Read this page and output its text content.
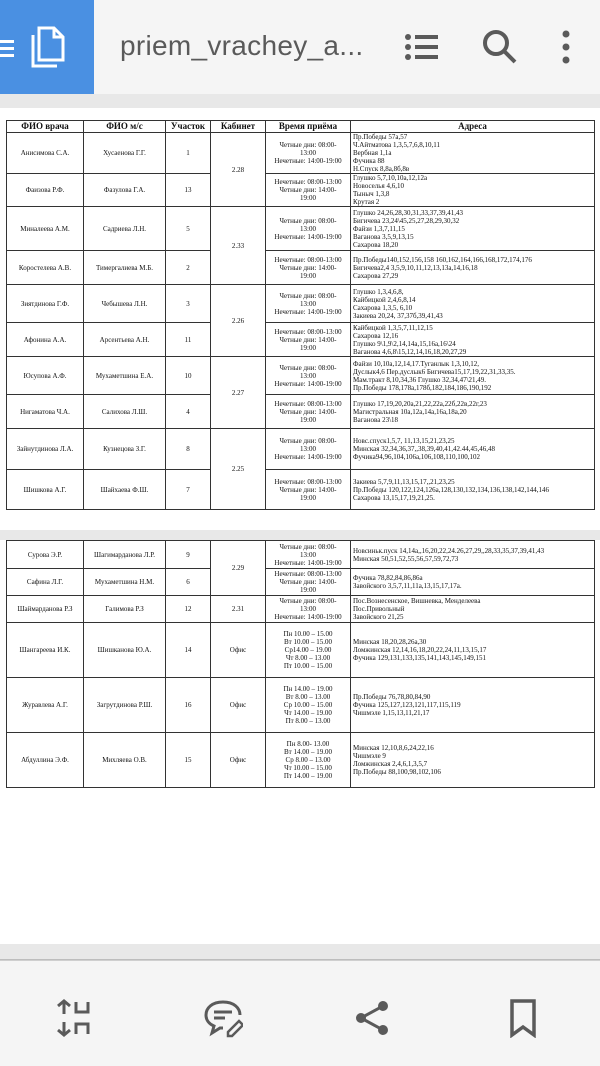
priem_vrachey_a...
ФИО врача	ФИО м/с	Участок	Кабинет	Время приёма	Адреса
Анисимова С.А.	Хусаенова Г.Г.	1	2.28	Четные дни: 08:00-
13:00
Нечетные: 14:00-19:00	Пр.Победы 57а,57
Ч.Айтматова 1,3,5,7,6,8,10,11
Вербная 1,1а
Фучика 88
Н.Спуск 8,8а,8б,8в

Фаизова Р.Ф.	Фазулова Г.А.	13		Нечетные: 08:00-13:00
Четные дни: 14:00-
19:00	Глушко 5,7,10,10а,12,12а
Новоселья 4,6,10
Тыныч 1,3,8
Крутая 2

Миналеева А.М.	Садриева Л.Н.	5	2.33	Четные дни: 08:00-
13:00
Нечетные: 14:00-19:00	Глушко 24,26,28,30,31,33,37,39,41,43
Бигичева 23,24\45,25,27,28,29,30,32
Файзи 1,3,7,11,15
Ваганова 3,5,9,13,15
Сахарова 18,20

Коростелева А.В.	Тимергалиева М.Б.	2		Нечетные: 08:00-13:00
Четные дни: 14:00-
19:00	Пр.Победы140,152,156,158 160,162,164,166,168,172,174,176
Бигичева2,4 3,5,9,10,11,12,13,13а,14,16,18
Сахарова 27,29

Зиятдинова Г.Ф.	Чебышева Л.Н.	3	2.26	Четные дни: 08:00-
13:00
Нечетные: 14:00-19:00	Глушко 1,3,4,6,8,
Кайбицкой 2,4,6,8,14
Сахарова 1,3,5, 6,10
Закиева 20,24, 37,37б,39,41,43

Афонина А.А.	Арсентьева А.Н.	11		Нечетные: 08:00-13:00
Четные дни: 14:00-
19:00	Кайбицкой 1,3,5,7,11,12,15
Сахарова 12,16
Глушко 9\1,9\2,14,14а,15,16а,16\24
Ваганова 4,6,8\15,12,14,16,18,20,27,29

Юсупова А.Ф.	Мухаметшина Е.А.	10	2.27	Четные дни: 08:00-
13:00
Нечетные: 14:00-19:00	Файзи 10,10а,12,14,17.Туганлык 1,3,10,12,
Дуслык4,6 Пер.дуслык6 Бигичева15,17,19,22,31,33,35.
Мам.тракт 8,10,34,36 Глушко 32,34,47\21,49.
Пр.Победы 178,178а,178б,182,184,186,190,192

Нигаматова Ч.А.	Салихова Л.Ш.	4		Нечетные: 08:00-13:00
Четные дни: 14:00-
19:00	Глушко 17,19,20,20а,21,22,22а,22б,22в,22г,23
Магистральная 10а,12а,14а,16а,18а,20
Ваганова 23\18

Зайнутдинова Л.А.	Кузнецова З.Г.	8	2.25	Четные дни: 08:00-
13:00
Нечетные: 14:00-19:00	Новс.спуск1,5,7, 11,13,15,21,23,25
Минская 32,34,36,37,,38,39,40,41,42.44,45,46,48
Фучика94,96,104,106а,106,108,110,100,102

Шишкова А.Г.	Шайхаева Ф.Ш.	7		Нечетные: 08:00-13:00
Четные дни: 14:00-
19:00	Закиева 5,7,9,11,13,15,17,,21,23,25
Пр.Победы 120,122,124,126а,128,130,132,134,136,138,142,144,146
Сахарова 13,15,17,19,21,25.
Сурова Э.Р.	Шагимарданова Л.Р.	9	2.29	Четные дни: 08:00-
13:00
Нечетные: 14:00-19:00	Новсиньк.пуск 14,14а,,16,20,22,24.26,27,29,,28,33,35,37,39,41,43
Минская 50,51,52,55,56,57,59,72,73

Сафина Л.Г.	Мухаметшина Н.М.	6		Нечетные: 08:00-13:00
Четные дни: 14:00-
19:00	Фучика 78,82,84,86,86а
Завойского 3,5,7,11,11а,13,15,17,17а.

Шаймарданова Р.З	Галимова Р.З	12	2.31	Четные дни: 08:00-
13:00
Нечетные: 14:00-19:00	Пос.Вознесенское, Вишневка, Менделеева
Пос.Привольный
Завойского 21,25

Шангареева И.К.	Шишканова Ю.А.	14	Офис	Пн 10.00 – 15.00
Вт 10.00 – 15.00
Ср14.00 – 19.00
Чт 8.00 – 13.00
Пт 10.00 – 15.00	Минская 18,20,28,26а,30
Ломжинская 12,14,16,18,20,22,24,11,13,15,17
Фучика 129,131,133,135,141,143,145,149,151

Журавлева А.Г.	Загрутдинова Р.Ш.	16	Офис	Пн 14.00 – 19.00
Вт 8.00 – 13.00
Ср 10.00 – 15.00
Чт 14.00 – 19.00
Пт 8.00 – 13.00	Пр.Победы 76,78,80,84,90
Фучика 125,127,123,121,117,115,119
Чишмэле 1,15,13,11,21,17

Абдуллина Э.Ф.	Михляева О.В.	15	Офис	Пн 8.00- 13.00
Вт 14.00 – 19.00
Ср 8.00 – 13.00
Чт 10.00 – 15.00
Пт 14.00 – 19.00	Минская 12,10,8,6,24,22,16
Чишмэле 9
Ломжинская 2,4,6,1,3,5,7
Пр.Победы 88,100,98,102,106
